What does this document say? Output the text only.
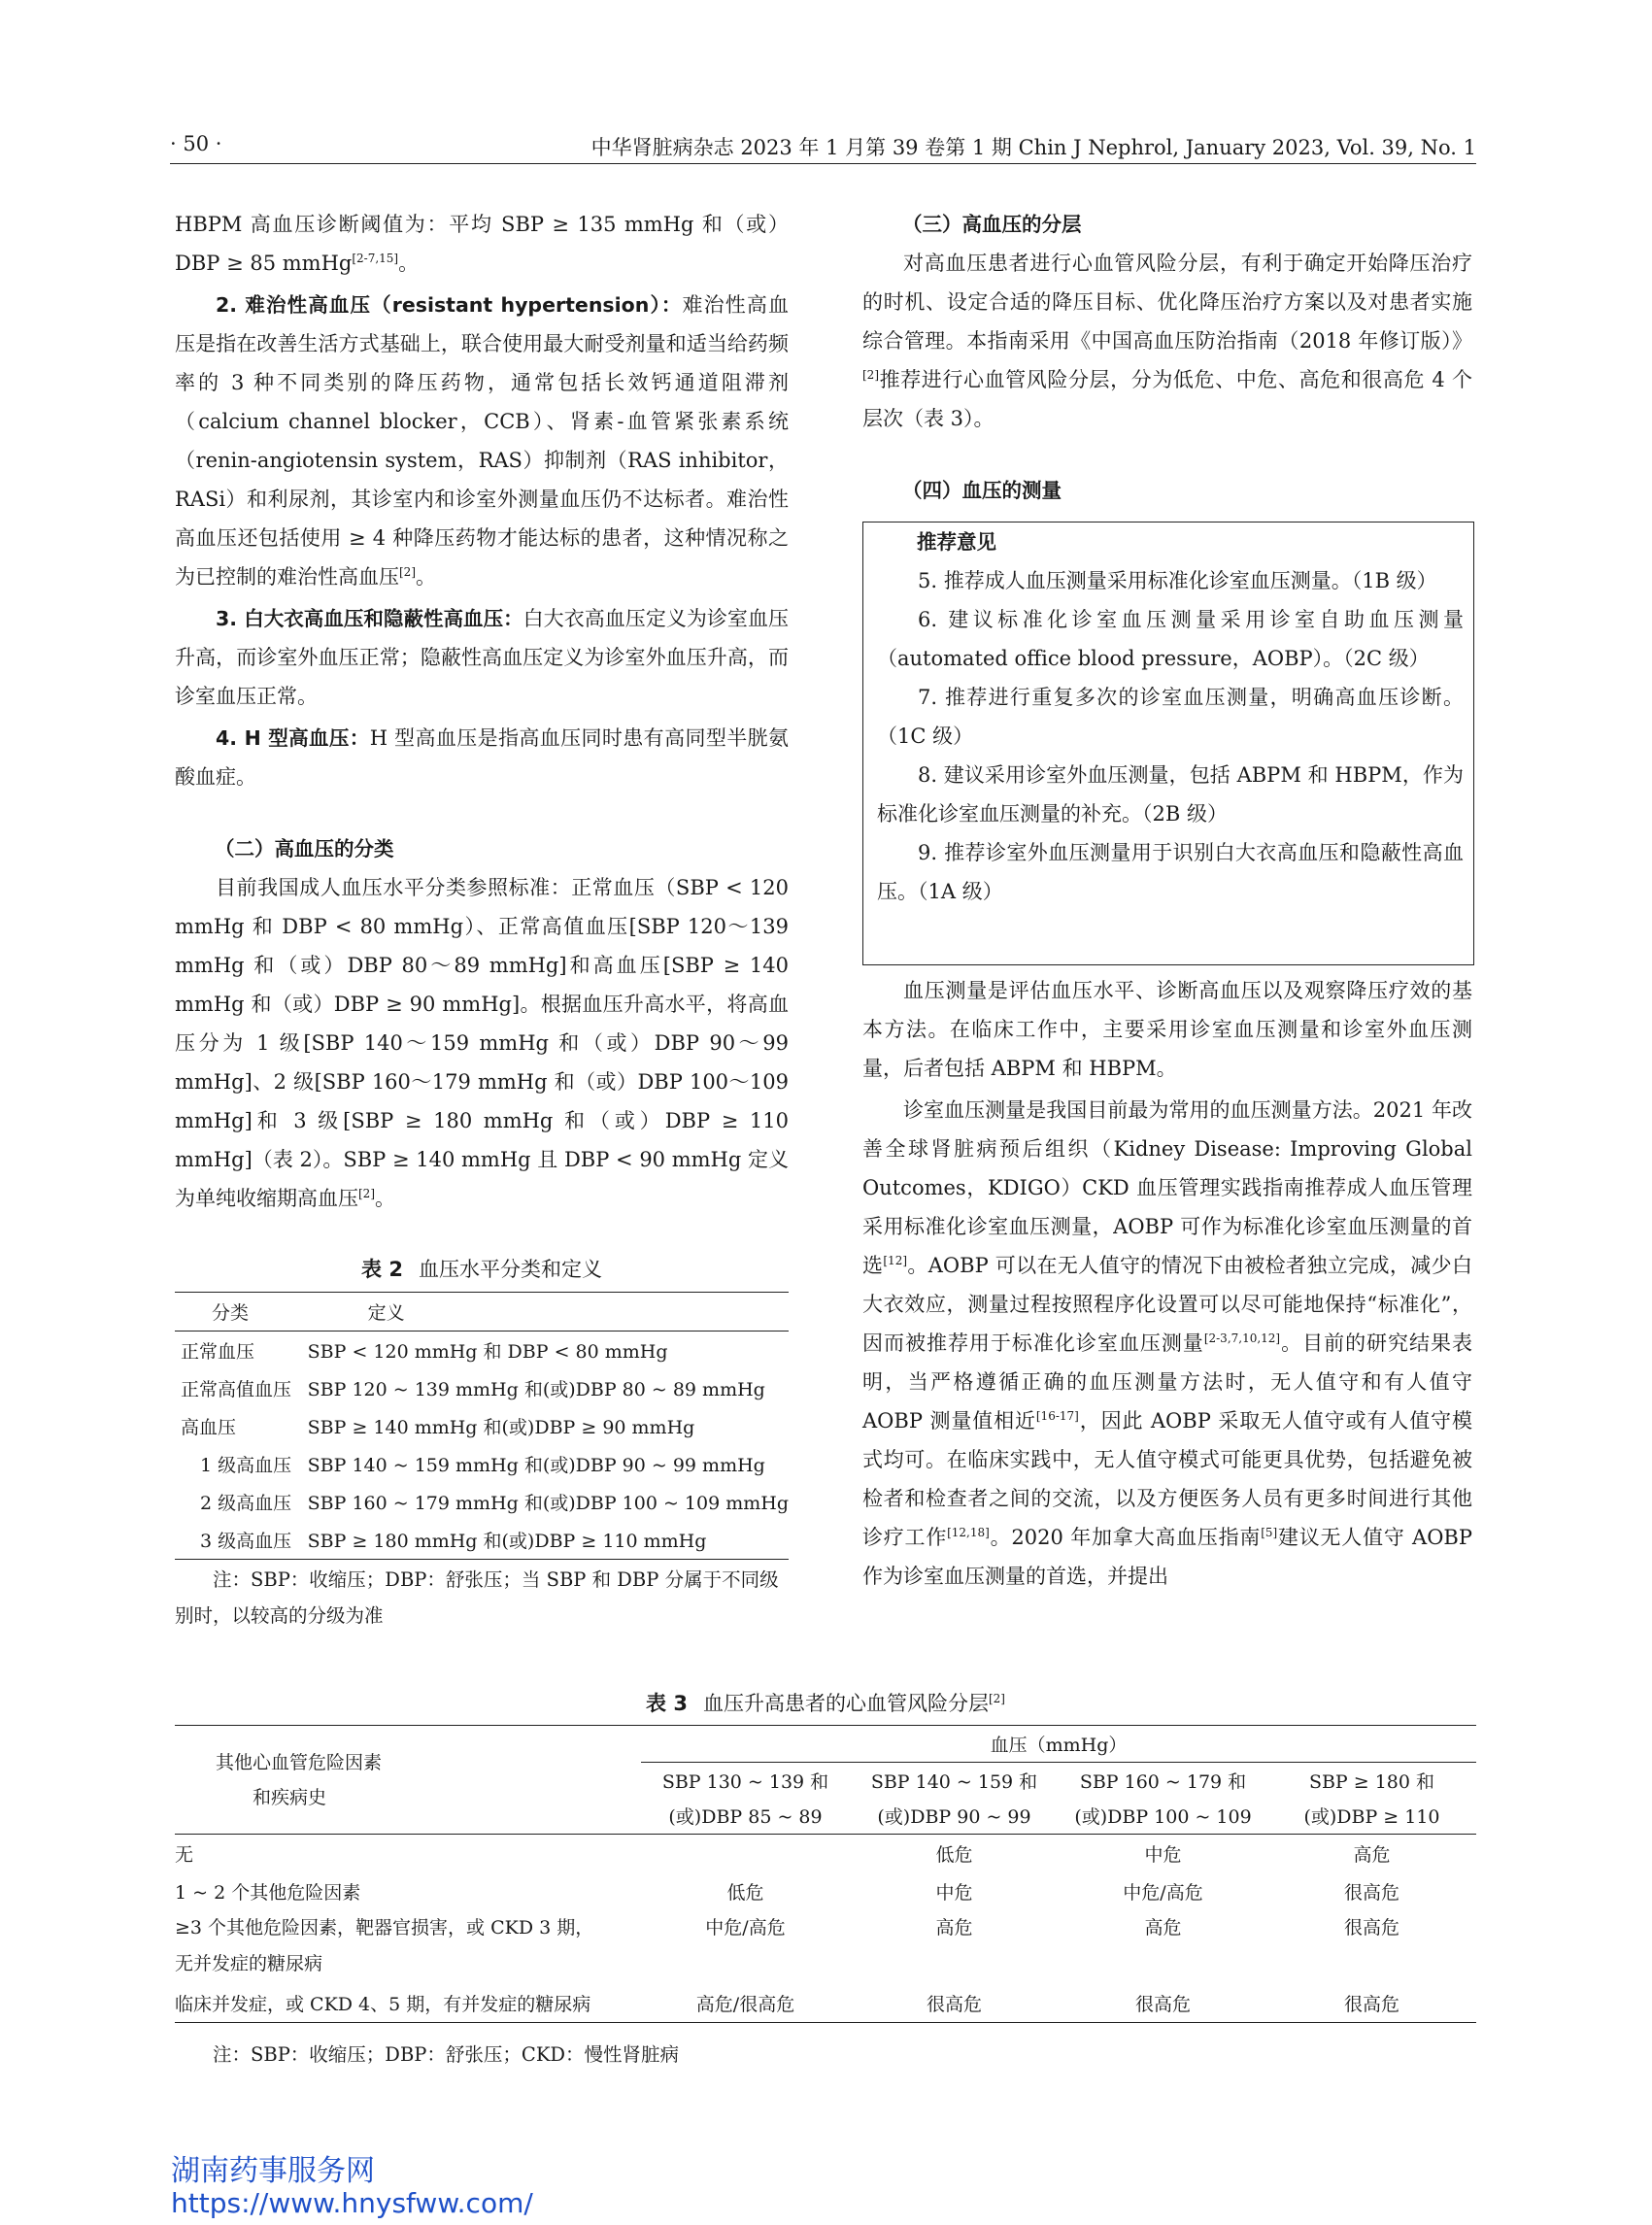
· 50 ·	中华肾脏病杂志 2023 年 1 月第 39 卷第 1 期 Chin J Nephrol, January 2023, Vol. 39, No. 1

HBPM 高血压诊断阈值为：平均 SBP ≥ 135 mmHg 和（或）DBP ≥ 85 mmHg[2-7,15]。

2. 难治性高血压（resistant hypertension）：难治性高血压是指在改善生活方式基础上，联合使用最大耐受剂量和适当给药频率的 3 种不同类别的降压药物，通常包括长效钙通道阻滞剂（calcium channel blocker，CCB）、肾素-血管紧张素系统（renin-angiotensin system，RAS）抑制剂（RAS inhibitor，RASi）和利尿剂，其诊室内和诊室外测量血压仍不达标者。难治性高血压还包括使用 ≥ 4 种降压药物才能达标的患者，这种情况称之为已控制的难治性高血压[2]。

3. 白大衣高血压和隐蔽性高血压：白大衣高血压定义为诊室血压升高，而诊室外血压正常；隐蔽性高血压定义为诊室外血压升高，而诊室血压正常。

4. H 型高血压：H 型高血压是指高血压同时患有高同型半胱氨酸血症。

（二）高血压的分类

目前我国成人血压水平分类参照标准：正常血压（SBP < 120 mmHg 和 DBP < 80 mmHg）、正常高值血压[SBP 120～139 mmHg 和（或）DBP 80～89 mmHg]和高血压[SBP ≥ 140 mmHg 和（或）DBP ≥ 90 mmHg]。根据血压升高水平，将高血压分为 1 级[SBP 140～159 mmHg 和（或）DBP 90～99 mmHg]、2 级[SBP 160～179 mmHg 和（或）DBP 100～109 mmHg]和 3 级[SBP ≥ 180 mmHg 和（或）DBP ≥ 110 mmHg]（表 2）。SBP ≥ 140 mmHg 且 DBP < 90 mmHg 定义为单纯收缩期高血压[2]。

表 2 血压水平分类和定义
分类	定义
正常血压	SBP < 120 mmHg 和 DBP < 80 mmHg
正常高值血压	SBP 120 ~ 139 mmHg 和(或)DBP 80 ~ 89 mmHg
高血压	SBP ≥ 140 mmHg 和(或)DBP ≥ 90 mmHg
1 级高血压	SBP 140 ~ 159 mmHg 和(或)DBP 90 ~ 99 mmHg
2 级高血压	SBP 160 ~ 179 mmHg 和(或)DBP 100 ~ 109 mmHg
3 级高血压	SBP ≥ 180 mmHg 和(或)DBP ≥ 110 mmHg
注：SBP：收缩压；DBP：舒张压；当 SBP 和 DBP 分属于不同级别时，以较高的分级为准

（三）高血压的分层

对高血压患者进行心血管风险分层，有利于确定开始降压治疗的时机、设定合适的降压目标、优化降压治疗方案以及对患者实施综合管理。本指南采用《中国高血压防治指南（2018 年修订版）》[2]推荐进行心血管风险分层，分为低危、中危、高危和很高危 4 个层次（表 3）。

（四）血压的测量

推荐意见

5. 推荐成人血压测量采用标准化诊室血压测量。（1B 级）

6. 建议标准化诊室血压测量采用诊室自助血压测量（automated office blood pressure，AOBP）。（2C 级）

7. 推荐进行重复多次的诊室血压测量，明确高血压诊断。（1C 级）

8. 建议采用诊室外血压测量，包括 ABPM 和 HBPM，作为标准化诊室血压测量的补充。（2B 级）

9. 推荐诊室外血压测量用于识别白大衣高血压和隐蔽性高血压。（1A 级）

血压测量是评估血压水平、诊断高血压以及观察降压疗效的基本方法。在临床工作中，主要采用诊室血压测量和诊室外血压测量，后者包括 ABPM 和 HBPM。

诊室血压测量是我国目前最为常用的血压测量方法。2021 年改善全球肾脏病预后组织（Kidney Disease: Improving Global Outcomes，KDIGO）CKD 血压管理实践指南推荐成人血压管理采用标准化诊室血压测量，AOBP 可作为标准化诊室血压测量的首选[12]。AOBP 可以在无人值守的情况下由被检者独立完成，减少白大衣效应，测量过程按照程序化设置可以尽可能地保持“标准化”，因而被推荐用于标准化诊室血压测量[2-3,7,10,12]。目前的研究结果表明，当严格遵循正确的血压测量方法时，无人值守和有人值守 AOBP 测量值相近[16-17]，因此 AOBP 采取无人值守或有人值守模式均可。在临床实践中，无人值守模式可能更具优势，包括避免被检者和检查者之间的交流，以及方便医务人员有更多时间进行其他诊疗工作[12,18]。2020 年加拿大高血压指南[5]建议无人值守 AOBP 作为诊室血压测量的首选，并提出

表 3 血压升高患者的心血管风险分层[2]
其他心血管危险因素
和疾病史	血压（mmHg）			
	SBP 130 ~ 139 和	SBP 140 ~ 159 和	SBP 160 ~ 179 和	SBP ≥ 180 和
	(或)DBP 85 ~ 89	(或)DBP 90 ~ 99	(或)DBP 100 ~ 109	(或)DBP ≥ 110
无		低危	中危	高危
1 ~ 2 个其他危险因素	低危	中危	中危/高危	很高危

≥3 个其他危险因素，靶器官损害，或 CKD 3 期，
无并发症的糖尿病	中危/高危	高危	高危	很高危
临床并发症，或 CKD 4、5 期，有并发症的糖尿病	高危/很高危	很高危	很高危	很高危
注：SBP：收缩压；DBP：舒张压；CKD：慢性肾脏病
湖南药事服务网
https://www.hnysfww.com/
